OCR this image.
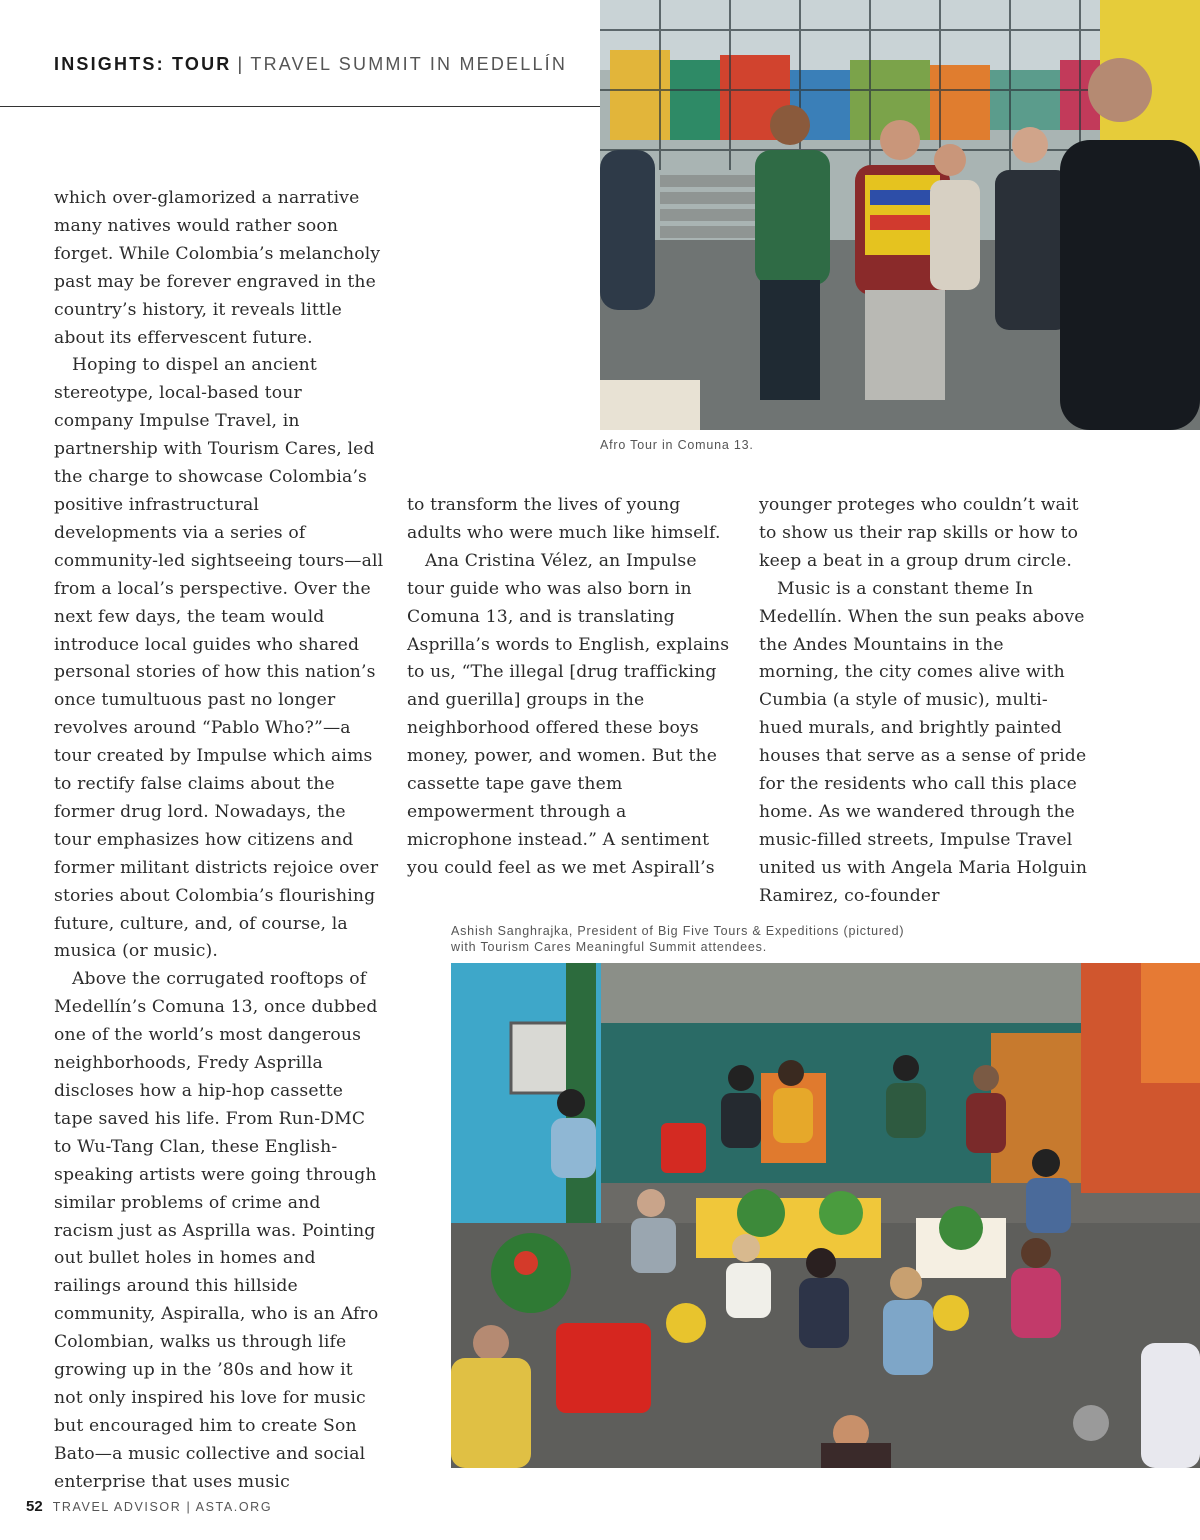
INSIGHTS: TOUR | TRAVEL SUMMIT IN MEDELLÍN

which over-glamorized a narrative many natives would rather soon forget. While Colombia’s melancholy past may be forever engraved in the country’s history, it reveals little about its effervescent future.

Hoping to dispel an ancient stereotype, local-based tour company Impulse Travel, in partnership with Tourism Cares, led the charge to showcase Colombia’s positive infrastructural developments via a series of community-led sightseeing tours—all from a local’s perspective. Over the next few days, the team would introduce local guides who shared personal stories of how this nation’s once tumultuous past no longer revolves around “Pablo Who?”—a tour created by Impulse which aims to rectify false claims about the former drug lord. Nowadays, the tour emphasizes how citizens and former militant districts rejoice over stories about Colombia’s flourishing future, culture, and, of course, la musica (or music).

Above the corrugated rooftops of Medellín’s Comuna 13, once dubbed one of the world’s most dangerous neighborhoods, Fredy Asprilla discloses how a hip-hop cassette tape saved his life. From Run-DMC to Wu-Tang Clan, these English-speaking artists were going through similar problems of crime and racism just as Asprilla was. Pointing out bullet holes in homes and railings around this hillside community, Aspiralla, who is an Afro Colombian, walks us through life growing up in the ’80s and how it not only inspired his love for music but encouraged him to create Son Bato—a music collective and social enterprise that uses music

to transform the lives of young adults who were much like himself.

Ana Cristina Vélez, an Impulse tour guide who was also born in Comuna 13, and is translating Asprilla’s words to English, explains to us, “The illegal [drug trafficking and guerilla] groups in the neighborhood offered these boys money, power, and women. But the cassette tape gave them empowerment through a microphone instead.” A sentiment you could feel as we met Aspirall’s

younger proteges who couldn’t wait to show us their rap skills or how to keep a beat in a group drum circle.

Music is a constant theme In Medellín. When the sun peaks above the Andes Mountains in the morning, the city comes alive with Cumbia (a style of music), multi-hued murals, and brightly painted houses that serve as a sense of pride for the residents who call this place home. As we wandered through the music-filled streets, Impulse Travel united us with Angela Maria Holguin Ramirez, co-founder

Afro Tour in Comuna 13.
Ashish Sanghrajka, President of Big Five Tours & Expeditions (pictured)
with Tourism Cares Meaningful Summit attendees.
52 TRAVEL ADVISOR | ASTA.ORG
